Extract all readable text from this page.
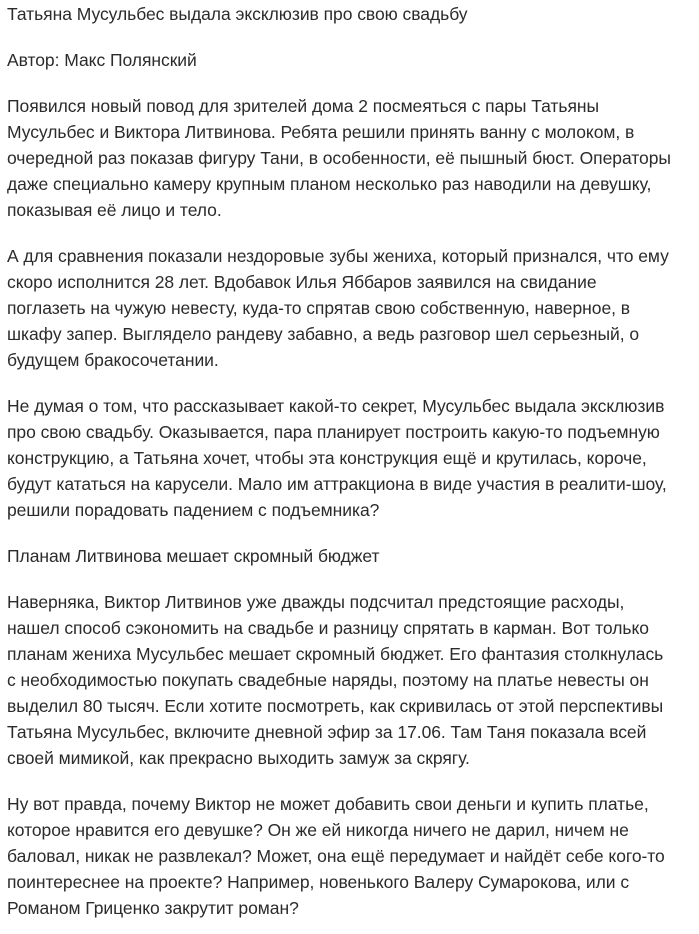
Татьяна Мусульбес выдала эксклюзив про свою свадьбу

Автор: Макс Полянский

Появился новый повод для зрителей дома 2 посмеяться с пары Татьяны

Мусульбес и Виктора Литвинова. Ребята решили принять ванну с молоком, в

очередной раз показав фигуру Тани, в особенности, её пышный бюст. Операторы

даже специально камеру крупным планом несколько раз наводили на девушку,

показывая её лицо и тело.

А для сравнения показали нездоровые зубы жениха, который признался, что ему

скоро исполнится 28 лет. Вдобавок Илья Яббаров заявился на свидание

поглазеть на чужую невесту, куда-то спрятав свою собственную, наверное, в

шкафу запер. Выглядело рандеву забавно, а ведь разговор шел серьезный, о

будущем бракосочетании.

Не думая о том, что рассказывает какой-то секрет, Мусульбес выдала эксклюзив

про свою свадьбу. Оказывается, пара планирует построить какую-то подъемную

конструкцию, а Татьяна хочет, чтобы эта конструкция ещё и крутилась, короче,

будут кататься на карусели. Мало им аттракциона в виде участия в реалити-шоу,

решили порадовать падением с подъемника?

Планам Литвинова мешает скромный бюджет

Наверняка, Виктор Литвинов уже дважды подсчитал предстоящие расходы,

нашел способ сэкономить на свадьбе и разницу спрятать в карман. Вот только

планам жениха Мусульбес мешает скромный бюджет. Его фантазия столкнулась

с необходимостью покупать свадебные наряды, поэтому на платье невесты он

выделил 80 тысяч. Если хотите посмотреть, как скривилась от этой перспективы

Татьяна Мусульбес, включите дневной эфир за 17.06. Там Таня показала всей

своей мимикой, как прекрасно выходить замуж за скрягу.

Ну вот правда, почему Виктор не может добавить свои деньги и купить платье,

которое нравится его девушке? Он же ей никогда ничего не дарил, ничем не

баловал, никак не развлекал? Может, она ещё передумает и найдёт себе кого-то

поинтереснее на проекте? Например, новенького Валеру Сумарокова, или с

Романом Гриценко закрутит роман?
